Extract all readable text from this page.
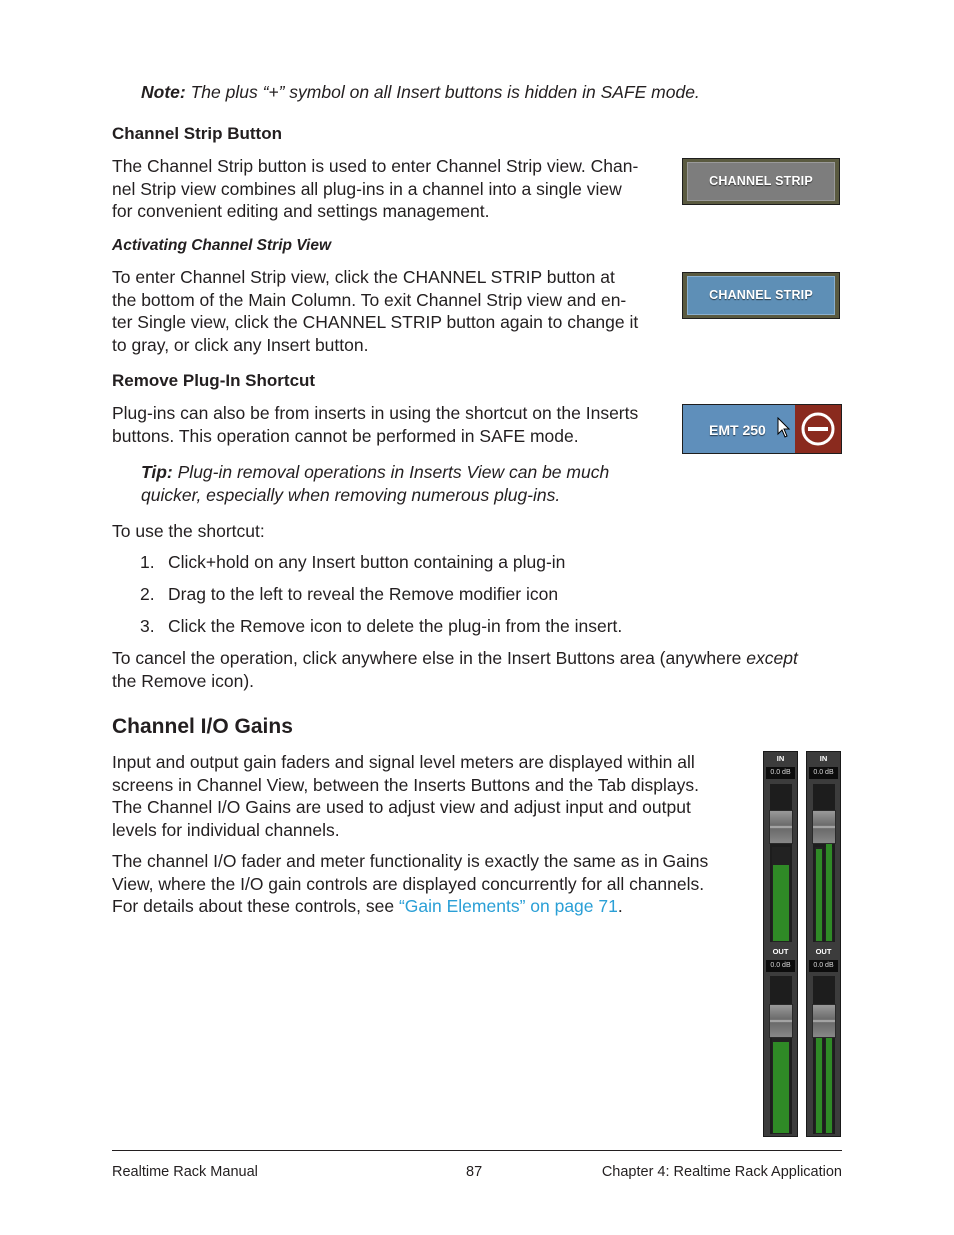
Note: The plus “+” symbol on all Insert buttons is hidden in SAFE mode.

Channel Strip Button
The Channel Strip button is used to enter Channel Strip view. Chan-
nel Strip view combines all plug-ins in a channel into a single view
for convenient editing and settings management.
CHANNEL STRIP
Activating Channel Strip View
To enter Channel Strip view, click the CHANNEL STRIP button at
the bottom of the Main Column. To exit Channel Strip view and en-
ter Single view, click the CHANNEL STRIP button again to change it
to gray, or click any Insert button.
CHANNEL STRIP
Remove Plug-In Shortcut
Plug-ins can also be from inserts in using the shortcut on the Inserts
buttons. This operation cannot be performed in SAFE mode.	EMT 250
Tip: Plug-in removal operations in Inserts View can be much
quicker, especially when removing numerous plug-ins.

To use the shortcut:

1. Click+hold on any Insert button containing a plug-in

2. Drag to the left to reveal the Remove modifier icon

3. Click the Remove icon to delete the plug-in from the insert.

To cancel the operation, click anywhere else in the Insert Buttons area (anywhere except
the Remove icon).
Channel I/O Gains
Input and output gain faders and signal level meters are displayed within all
screens in Channel View, between the Inserts Buttons and the Tab displays.
The Channel I/O Gains are used to adjust view and adjust input and output
levels for individual channels.
The channel I/O fader and meter functionality is exactly the same as in Gains
View, where the I/O gain controls are displayed concurrently for all channels.
For details about these controls, see “Gain Elements” on page 71.
IN
0.0 dB
OUT
0.0 dB
IN
0.0 dB
OUT
0.0 dB
Realtime Rack Manual	87	Chapter 4: Realtime Rack Application
